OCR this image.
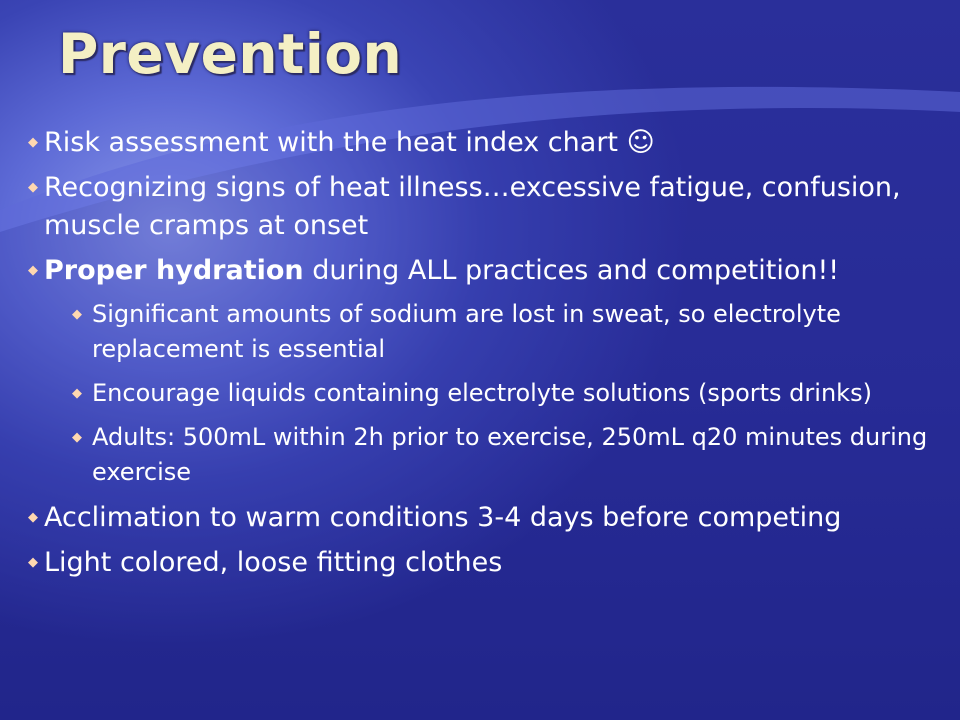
Prevention

◆ Risk assessment with the heat index chart ☺

◆ Recognizing signs of heat illness…excessive fatigue, confusion, muscle cramps at onset

◆ Proper hydration during ALL practices and competition!!

◆ Significant amounts of sodium are lost in sweat, so electrolyte replacement is essential

◆ Encourage liquids containing electrolyte solutions (sports drinks)

◆ Adults: 500mL within 2h prior to exercise, 250mL q20 minutes during exercise

◆ Acclimation to warm conditions 3-4 days before competing

◆ Light colored, loose fitting clothes
